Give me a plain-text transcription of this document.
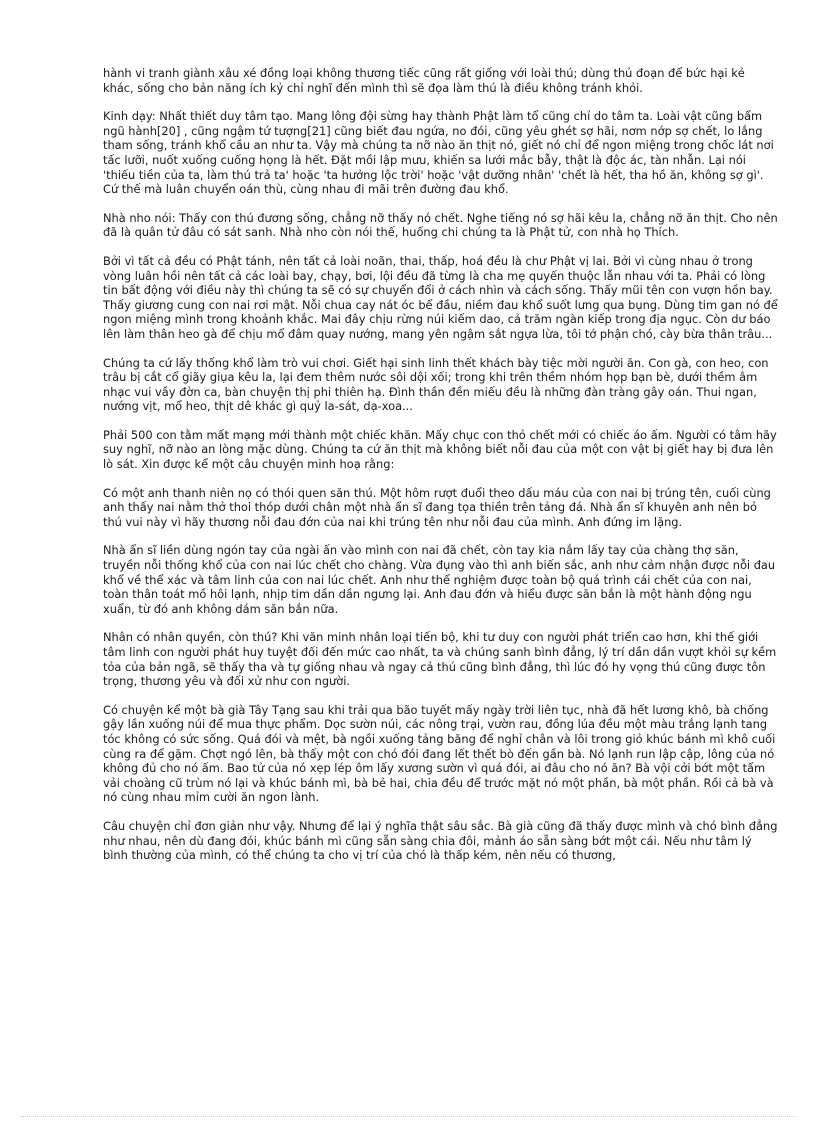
hành vi tranh giành xâu xé đồng loại không thương tiếc cũng rất giống với loài thú; dùng thủ đoạn để bức hại kẻ khác, sống cho bản năng ích kỷ chỉ nghĩ đến mình thì sẽ đọa làm thú là điều không tránh khỏi.

Kinh dạy: Nhất thiết duy tâm tạo. Mang lông đội sừng hay thành Phật làm tổ cũng chỉ do tâm ta. Loài vật cũng bẩm ngũ hành[20] , cũng ngậm tứ tượng[21] cũng biết đau ngứa, no đói, cũng yêu ghét sợ hãi, nơm nớp sợ chết, lo lắng tham sống, tránh khổ cầu an như ta. Vậy mà chúng ta nỡ nào ăn thịt nó, giết nó chỉ để ngon miệng trong chốc lát nơi tấc lưỡi, nuốt xuống cuống họng là hết. Đặt mồi lập mưu, khiến sa lưới mắc bẫy, thật là độc ác, tàn nhẫn. Lại nói 'thiếu tiền của ta, làm thú trả ta' hoặc 'ta hưởng lộc trời' hoặc 'vật dưỡng nhân' 'chết là hết, tha hồ ăn, không sợ gì'. Cứ thế mà luân chuyển oán thù, cùng nhau đi mãi trên đường đau khổ.

Nhà nho nói: Thấy con thú đương sống, chẳng nỡ thấy nó chết. Nghe tiếng nó sợ hãi kêu la, chẳng nỡ ăn thịt. Cho nên đã là quân tử đâu có sát sanh. Nhà nho còn nói thế, huống chi chúng ta là Phật tử, con nhà họ Thích.

Bởi vì tất cả đều có Phật tánh, nên tất cả loài noãn, thai, thấp, hoá đều là chư Phật vị lai. Bởi vì cùng nhau ở trong vòng luân hồi nên tất cả các loài bay, chạy, bơi, lội đều đã từng là cha mẹ quyến thuộc lẫn nhau với ta. Phải có lòng tin bất động với điều này thì chúng ta sẽ có sự chuyển đổi ở cách nhìn và cách sống. Thấy mũi tên con vượn hồn bay. Thấy giương cung con nai rơi mật. Nỗi chua cay nát óc bể đầu, niềm đau khổ suốt lưng qua bụng. Dùng tim gan nó để ngon miệng mình trong khoảnh khắc. Mai đây chịu rừng núi kiếm dao, cả trăm ngàn kiếp trong địa ngục. Còn dư báo lên làm thân heo gà để chịu mổ đâm quay nướng, mang yên ngậm sắt ngựa lừa, tôi tớ phận chó, cày bừa thân trâu...

Chúng ta cứ lấy thống khổ làm trò vui chơi. Giết hại sinh linh thết khách bày tiệc mời người ăn. Con gà, con heo, con trâu bị cắt cổ giãy giụa kêu la, lại đem thêm nước sôi dội xối; trong khi trên thềm nhóm họp bạn bè, dưới thềm âm nhạc vui vầy đờn ca, bàn chuyện thị phi thiên hạ. Đình thần đền miếu đều là những đàn tràng gây oán. Thui ngan, nướng vịt, mổ heo, thịt dê khác gì quỷ la-sát, dạ-xoa...

Phải 500 con tằm mất mạng mới thành một chiếc khăn. Mấy chục con thỏ chết mới có chiếc áo ấm. Người có tâm hãy suy nghĩ, nỡ nào an lòng mặc dùng. Chúng ta cứ ăn thịt mà không biết nỗi đau của một con vật bị giết hay bị đưa lên lò sát. Xin được kể một câu chuyện minh hoạ rằng:

Có một anh thanh niên nọ có thói quen săn thú. Một hôm rượt đuổi theo dấu máu của con nai bị trúng tên, cuối cùng anh thấy nai nằm thở thoi thóp dưới chân một nhà ẩn sĩ đang tọa thiền trên tảng đá. Nhà ẩn sĩ khuyên anh nên bỏ thú vui này vì hãy thương nỗi đau đớn của nai khi trúng tên như nỗi đau của mình. Anh đứng im lặng.

Nhà ẩn sĩ liền dùng ngón tay của ngài ấn vào mình con nai đã chết, còn tay kia nắm lấy tay của chàng thợ săn, truyền nỗi thống khổ của con nai lúc chết cho chàng. Vừa đụng vào thì anh biến sắc, anh như cảm nhận được nỗi đau khổ về thể xác và tâm linh của con nai lúc chết. Anh như thể nghiệm được toàn bộ quá trình cái chết của con nai, toàn thân toát mồ hôi lạnh, nhịp tim dần dần ngưng lại. Anh đau đớn và hiểu được săn bắn là một hành động ngu xuẩn, từ đó anh không dám săn bắn nữa.

Nhân có nhân quyền, còn thú? Khi văn minh nhân loại tiến bộ, khi tư duy con người phát triển cao hơn, khi thế giới tâm linh con người phát huy tuyệt đối đến mức cao nhất, ta và chúng sanh bình đẳng, lý trí dần dần vượt khỏi sự kềm tỏa của bản ngã, sẽ thấy tha và tự giống nhau và ngay cả thú cũng bình đẳng, thì lúc đó hy vọng thú cũng được tôn trọng, thương yêu và đối xử như con người.

Có chuyện kể một bà già Tây Tạng sau khi trải qua bão tuyết mấy ngày trời liên tục, nhà đã hết lương khô, bà chống gậy lần xuống núi để mua thực phẩm. Dọc sườn núi, các nông trại, vườn rau, đồng lúa đều một màu trắng lạnh tang tóc không có sức sống. Quá đói và mệt, bà ngồi xuống tảng băng để nghỉ chân và lôi trong giỏ khúc bánh mì khô cuối cùng ra để gặm. Chợt ngó lên, bà thấy một con chó đói đang lết thết bò đến gần bà. Nó lạnh run lập cập, lông của nó không đủ cho nó ấm. Bao tử của nó xẹp lép ôm lấy xương sườn vì quá đói, ai đâu cho nó ăn? Bà vội cởi bớt một tấm vải choàng cũ trùm nó lại và khúc bánh mì, bà bẻ hai, chia đều để trước mặt nó một phần, bà một phần. Rồi cả bà và nó cùng nhau mỉm cười ăn ngon lành.

Câu chuyện chỉ đơn giản như vậy. Nhưng để lại ý nghĩa thật sâu sắc. Bà già cũng đã thấy được mình và chó bình đẳng như nhau, nên dù đang đói, khúc bánh mì cũng sẵn sàng chia đôi, mảnh áo sẵn sàng bớt một cái. Nếu như tâm lý bình thường của mình, có thể chúng ta cho vị trí của chó là thấp kém, nên nếu có thương,
